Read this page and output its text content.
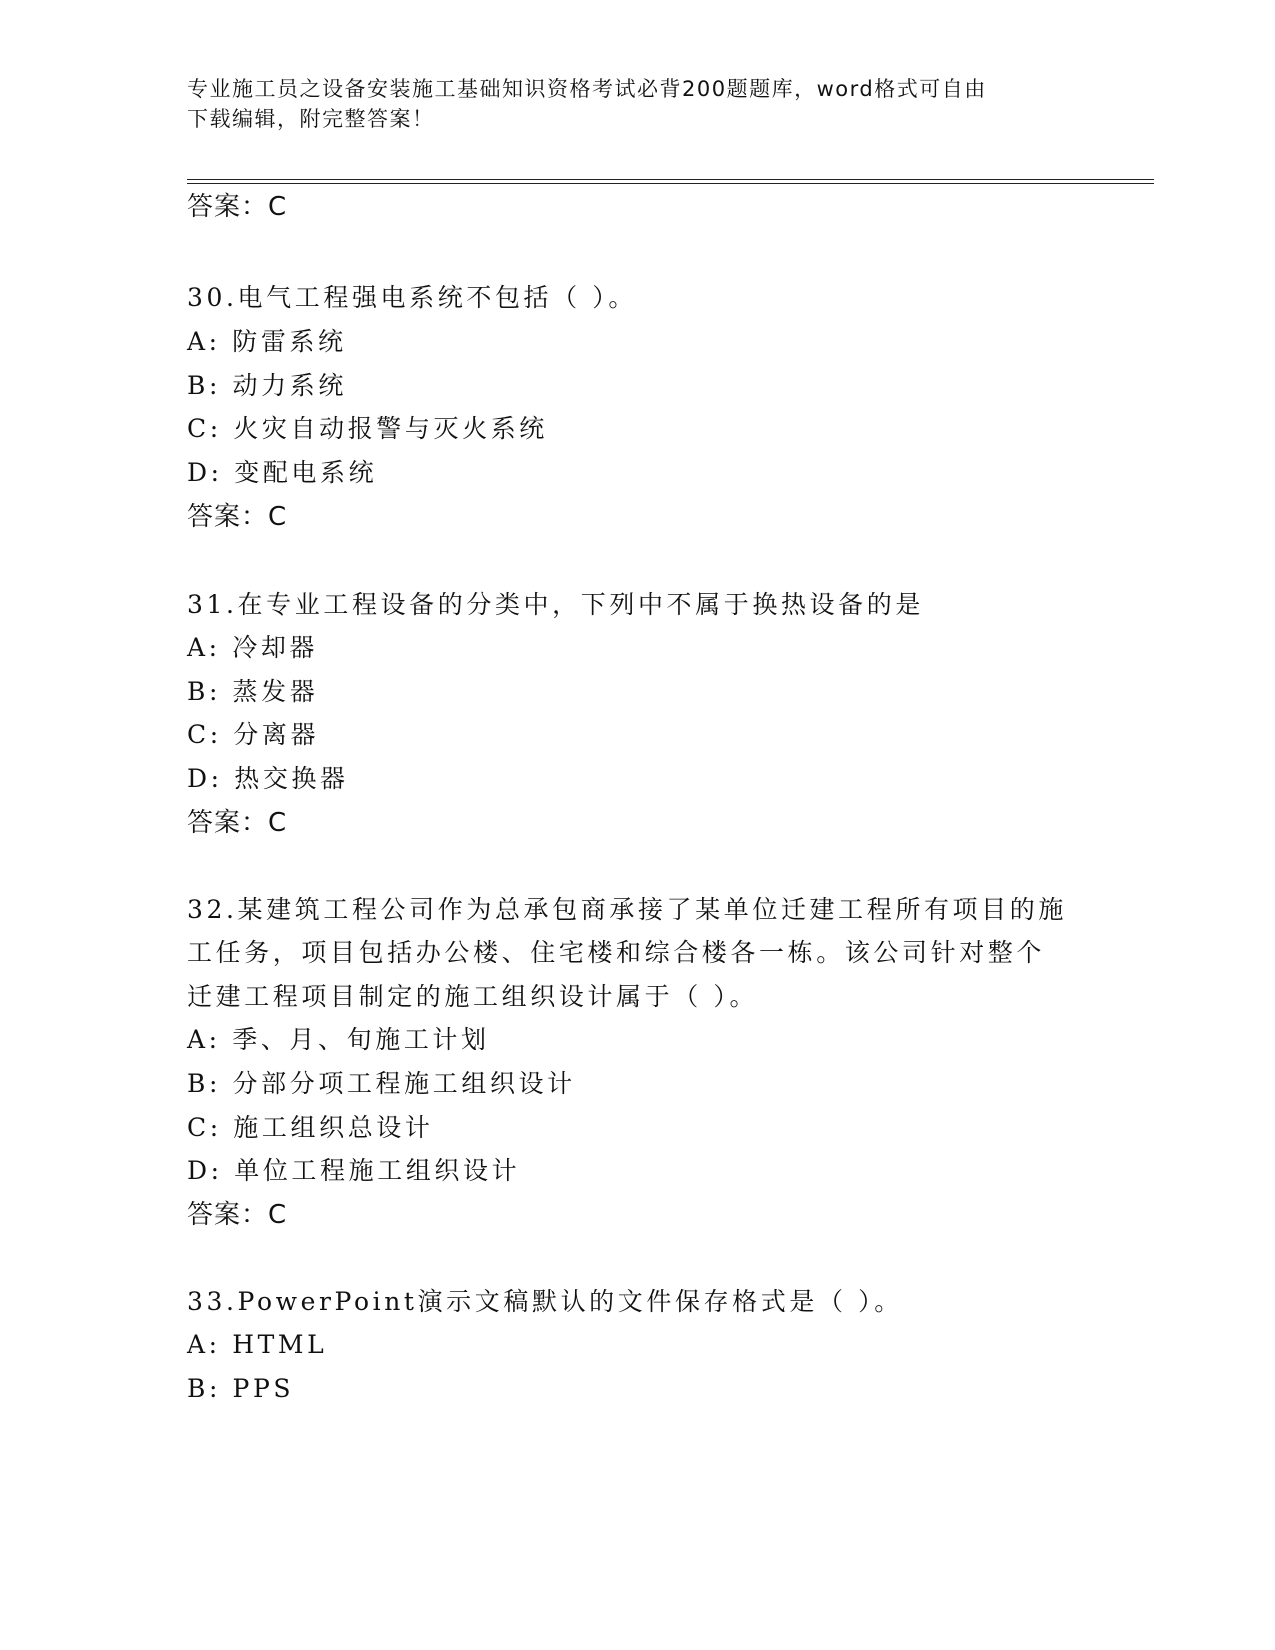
专业施工员之设备安装施工基础知识资格考试必背200题题库，word格式可自由
下载编辑，附完整答案！
答案：C
30.电气工程强电系统不包括（ ）。
A: 防雷系统
B: 动力系统
C: 火灾自动报警与灭火系统
D: 变配电系统
答案：C
31.在专业工程设备的分类中，下列中不属于换热设备的是
A: 冷却器
B: 蒸发器
C: 分离器
D: 热交换器
答案：C
32.某建筑工程公司作为总承包商承接了某单位迁建工程所有项目的施
工任务，项目包括办公楼、住宅楼和综合楼各一栋。该公司针对整个
迁建工程项目制定的施工组织设计属于（ ）。
A: 季、月、旬施工计划
B: 分部分项工程施工组织设计
C: 施工组织总设计
D: 单位工程施工组织设计
答案：C
33.PowerPoint演示文稿默认的文件保存格式是（ ）。
A: HTML
B: PPS
